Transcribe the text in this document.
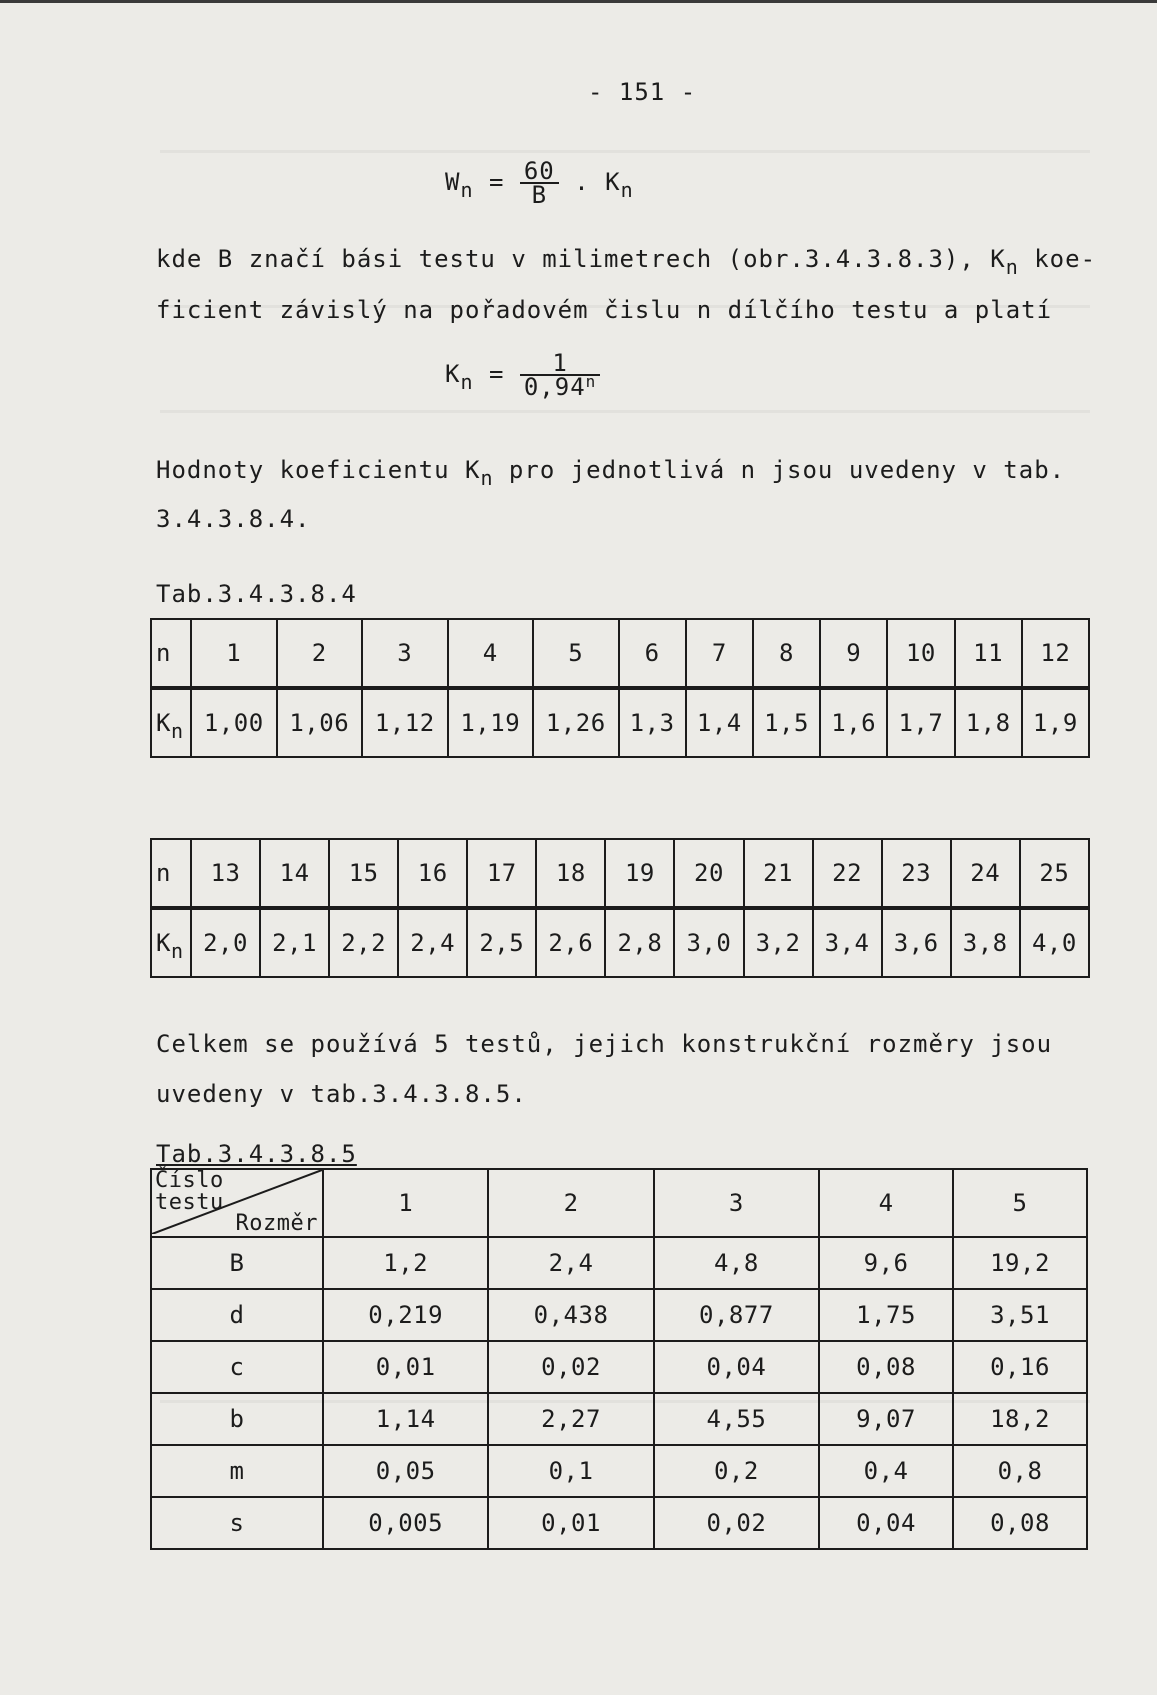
- 151 -
$W_n = \frac{60}{B}$ . $K_n$
kde B značí bási testu v milimetrech (obr.3.4.3.8.3), $K_n$ koe-
ficient závislý na pořadovém čislu n dílčího testu a platí
$K_n = \frac{1}{0,94^n}$
Hodnoty koeficientu $K_n$ pro jednotlivá n jsou uvedeny v tab.
3.4.3.8.4.
Tab.3.4.3.8.4
n	1	2	3	4	5	6	7	8	9	10	11	12
$K_n$	1,00	1,06	1,12	1,19	1,26	1,3	1,4	1,5	1,6	1,7	1,8	1,9
n	13	14	15	16	17	18	19	20	21	22	23	24	25
$K_n$	2,0	2,1	2,2	2,4	2,5	2,6	2,8	3,0	3,2	3,4	3,6	3,8	4,0
Celkem se používá 5 testů, jejich konstrukční rozměry jsou
uvedeny v tab.3.4.3.8.5.
Tab.3.4.3.8.5
Číslo
testu
Rozměr	1	2	3	4	5
B	1,2	2,4	4,8	9,6	19,2
d	0,219	0,438	0,877	1,75	3,51
c	0,01	0,02	0,04	0,08	0,16
b	1,14	2,27	4,55	9,07	18,2
m	0,05	0,1	0,2	0,4	0,8
s	0,005	0,01	0,02	0,04	0,08
